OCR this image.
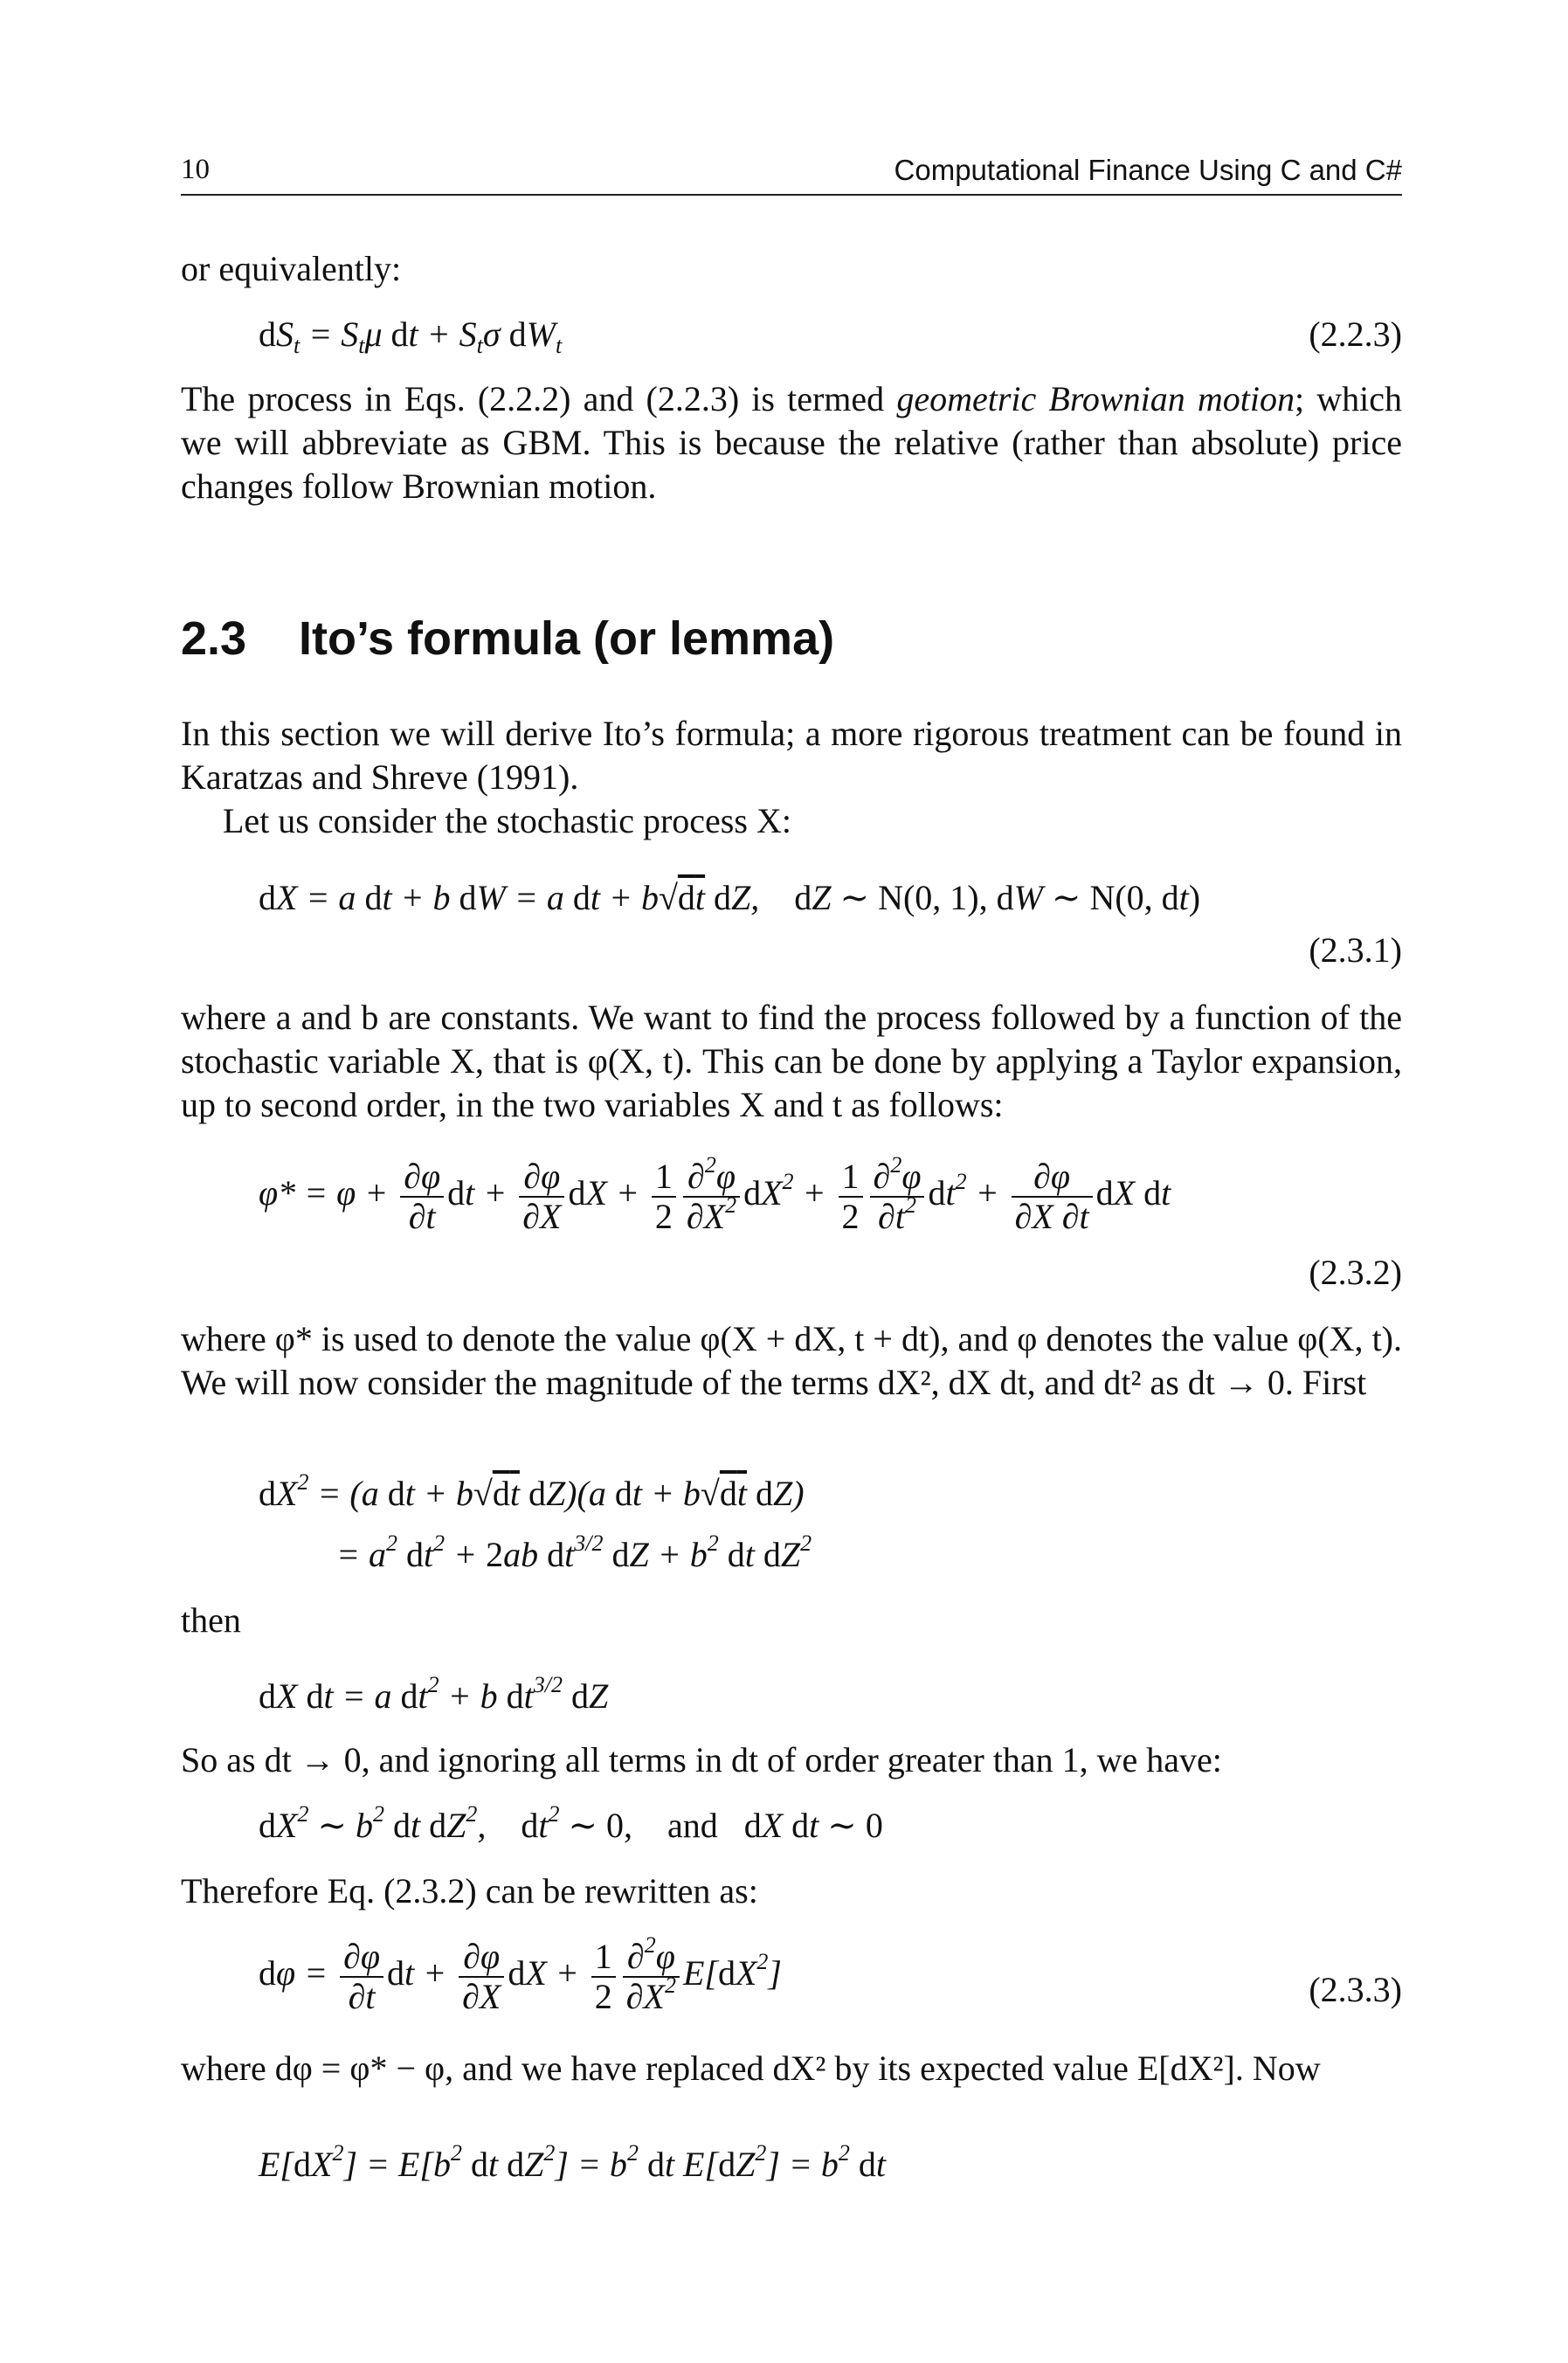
10	Computational Finance Using C and C#
or equivalently:
$dS_t = S_t\mu$ dt + $S_t\sigma$ $dW_t$	(2.2.3)
The process in Eqs. (2.2.2) and (2.2.3) is termed geometric Brownian motion; which we will abbreviate as GBM. This is because the relative (rather than absolute) price changes follow Brownian motion.
2.3 Ito’s formula (or lemma)
In this section we will derive Ito’s formula; a more rigorous treatment can be found in Karatzas and Shreve (1991).
Let us consider the stochastic process X:
dX = a dt + b dW = a dt + $b√d\overline{t}$ dZ,    dZ ∼ N(0, 1), dW ∼ N(0, dt)
(2.3.1)
where a and b are constants. We want to find the process followed by a function of the stochastic variable X, that is φ(X, t). This can be done by applying a Taylor expansion, up to second order, in the two variables X and t as follows:
$\varphi* = \varphi + \frac{\partial\varphi}{\partial t}$ dt + $\frac{\partial\varphi}{\partial X}$ dX + $\frac{1}{2} \frac{\partial^2\varphi}{\partial X^2} dX^2 + \frac{1}{2} \frac{\partial^2\varphi}{\partial t^2} dt^2 + \frac{\partial\varphi}{\partial X \partial t}$ dX dt
(2.3.2)
where φ* is used to denote the value φ(X + dX, t + dt), and φ denotes the value φ(X, t). We will now consider the magnitude of the terms dX², dX dt, and dt² as dt → 0. First
$dX^2 = (a$ dt + b√dt dZ)(a dt + b√dt dZ)
= $a^2$ $dt^2 + 2ab$ $dt^{3/2}$ dZ + $b^2$ dt $dZ^2$
then
dX dt = a $dt^2 + b$ $dt^{3/2}$ dZ
So as dt → 0, and ignoring all terms in dt of order greater than 1, we have:
$dX^2$ ∼ $b^2$ dt $dZ^2$,    $dt^2$ ∼ 0, and dX dt ∼ 0
Therefore Eq. (2.3.2) can be rewritten as:
$d\varphi = \frac{\partial\varphi}{\partial t}$ dt + $\frac{\partial\varphi}{\partial X}$ dX + $\frac{1}{2} \frac{\partial^2\varphi}{\partial X^2} E[dX^2]$	(2.3.3)
where dφ = φ* − φ, and we have replaced dX² by its expected value E[dX²]. Now
$E[dX^2] = E[b^2$ dt $dZ^2] = b^2$ dt $E[dZ^2] = b^2$ dt
